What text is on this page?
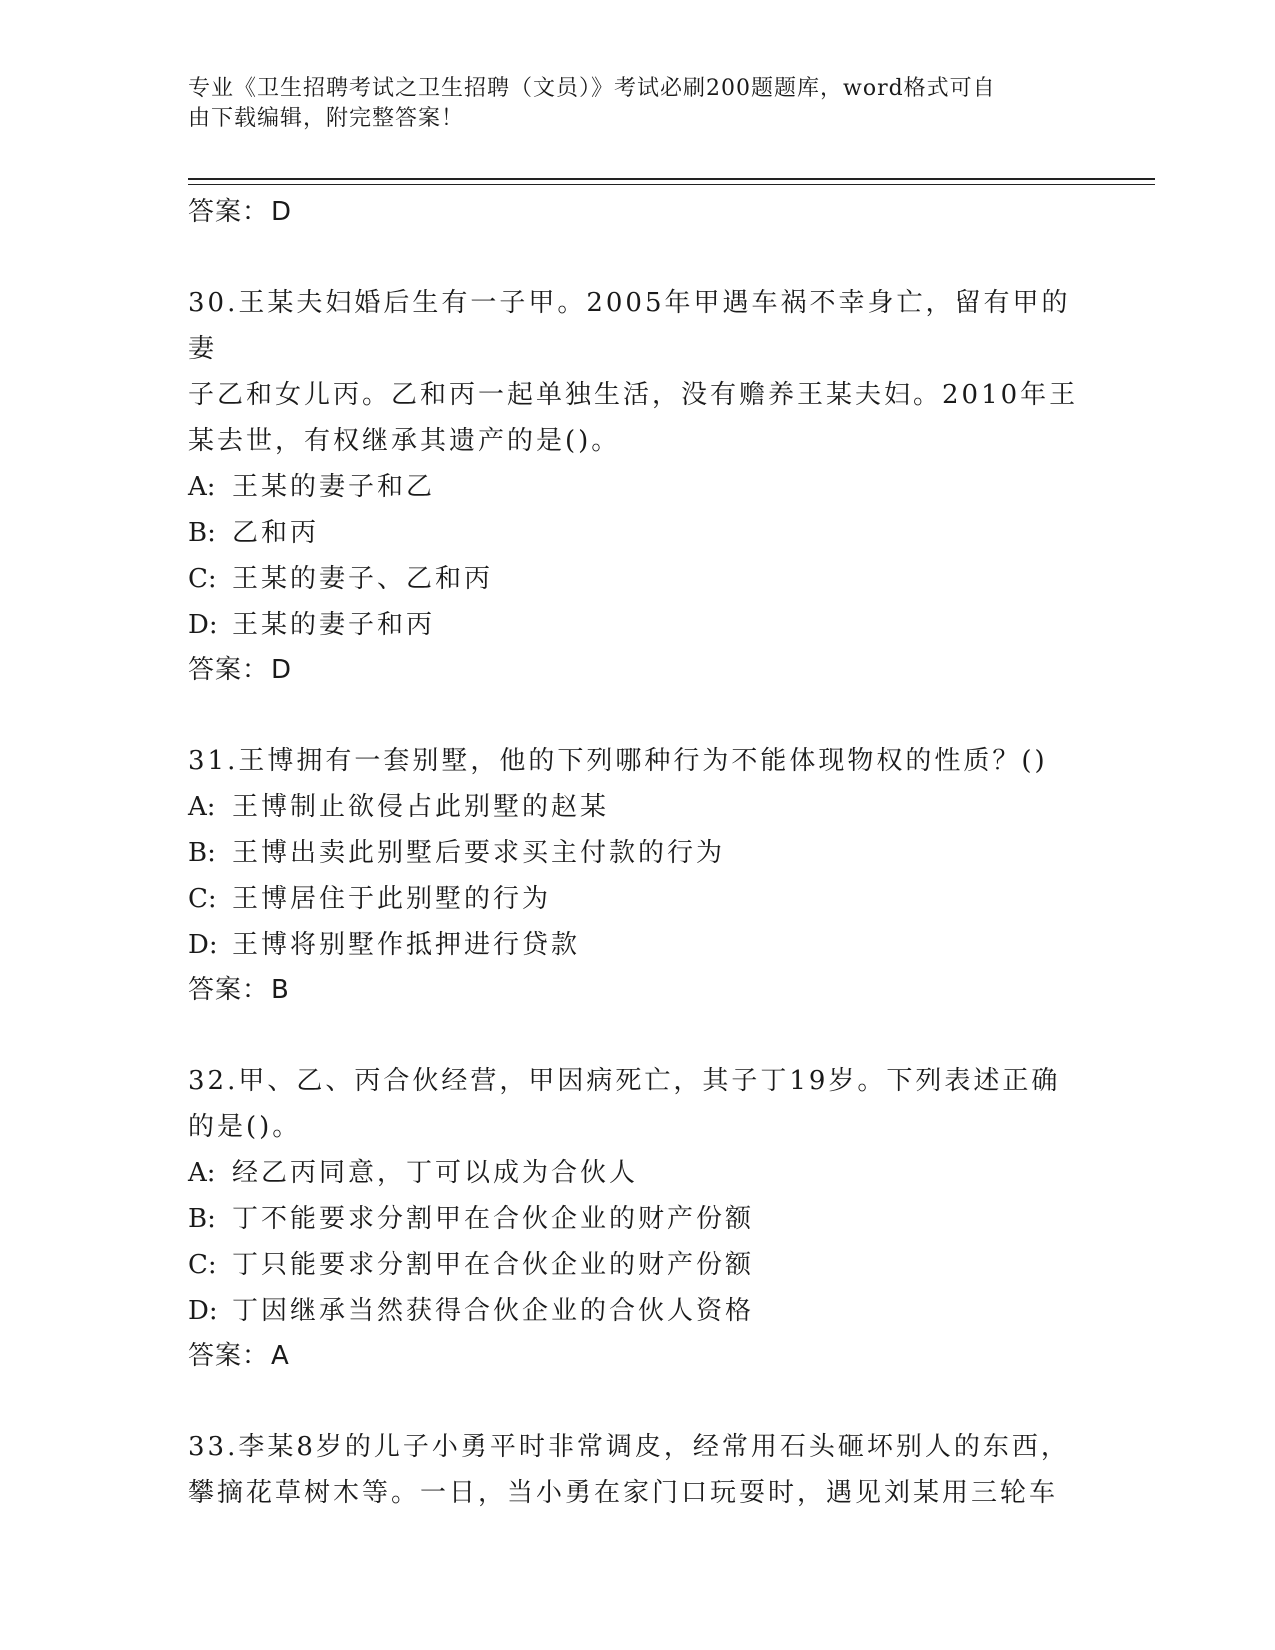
专业《卫生招聘考试之卫生招聘（文员）》考试必刷200题题库，word格式可自
由下载编辑，附完整答案！
答案：D
30.王某夫妇婚后生有一子甲。2005年甲遇车祸不幸身亡，留有甲的妻
子乙和女儿丙。乙和丙一起单独生活，没有赡养王某夫妇。2010年王
某去世，有权继承其遗产的是()。
A: 王某的妻子和乙
B: 乙和丙
C: 王某的妻子、乙和丙
D: 王某的妻子和丙
答案：D
31.王博拥有一套别墅，他的下列哪种行为不能体现物权的性质？()
A: 王博制止欲侵占此别墅的赵某
B: 王博出卖此别墅后要求买主付款的行为
C: 王博居住于此别墅的行为
D: 王博将别墅作抵押进行贷款
答案：B
32.甲、乙、丙合伙经营，甲因病死亡，其子丁19岁。下列表述正确
的是()。
A: 经乙丙同意，丁可以成为合伙人
B: 丁不能要求分割甲在合伙企业的财产份额
C: 丁只能要求分割甲在合伙企业的财产份额
D: 丁因继承当然获得合伙企业的合伙人资格
答案：A
33.李某8岁的儿子小勇平时非常调皮，经常用石头砸坏别人的东西，
攀摘花草树木等。一日，当小勇在家门口玩耍时，遇见刘某用三轮车
